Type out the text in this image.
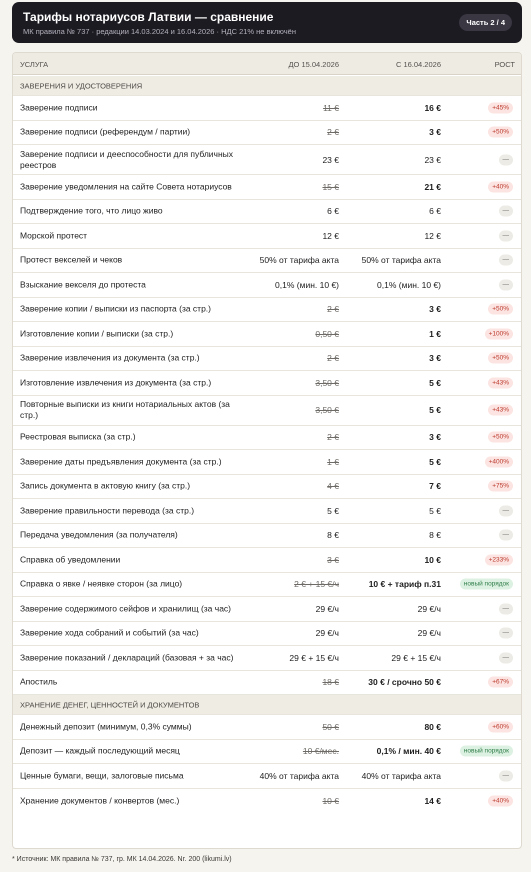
Тарифы нотариусов Латвии — сравнение
МК правила № 737 · редакции 14.03.2024 и 16.04.2026 · НДС 21% не включён
Часть 2 / 4
УСЛУГА	ДО 15.04.2026	С 16.04.2026	РОСТ
ЗАВЕРЕНИЯ И УДОСТОВЕРЕНИЯ
Заверение подписи	11 €	16 €	+45%
Заверение подписи (референдум / партии)	2 €	3 €	+50%
Заверение подписи и дееспособности для публичных реестров	23 €	23 €	—
Заверение уведомления на сайте Совета нотариусов	15 €	21 €	+40%
Подтверждение того, что лицо живо	6 €	6 €	—
Морской протест	12 €	12 €	—
Протест векселей и чеков	50% от тарифа акта	50% от тарифа акта	—
Взыскание векселя до протеста	0,1% (мин. 10 €)	0,1% (мин. 10 €)	—
Заверение копии / выписки из паспорта (за стр.)	2 €	3 €	+50%
Изготовление копии / выписки (за стр.)	0,50 €	1 €	+100%
Заверение извлечения из документа (за стр.)	2 €	3 €	+50%
Изготовление извлечения из документа (за стр.)	3,50 €	5 €	+43%
Повторные выписки из книги нотариальных актов (за стр.)	3,50 €	5 €	+43%
Реестровая выписка (за стр.)	2 €	3 €	+50%
Заверение даты предъявления документа (за стр.)	1 €	5 €	+400%
Запись документа в актовую книгу (за стр.)	4 €	7 €	+75%
Заверение правильности перевода (за стр.)	5 €	5 €	—
Передача уведомления (за получателя)	8 €	8 €	—
Справка об уведомлении	3 €	10 €	+233%
Справка о явке / неявке сторон (за лицо)	2 € + 15 €/ч	10 € + тариф п.31	новый порядок
Заверение содержимого сейфов и хранилищ (за час)	29 €/ч	29 €/ч	—
Заверение хода собраний и событий (за час)	29 €/ч	29 €/ч	—
Заверение показаний / деклараций (базовая + за час)	29 € + 15 €/ч	29 € + 15 €/ч	—
Апостиль	18 €	30 € / срочно 50 €	+67%
ХРАНЕНИЕ ДЕНЕГ, ЦЕННОСТЕЙ И ДОКУМЕНТОВ
Денежный депозит (минимум, 0,3% суммы)	50 €	80 €	+60%
Депозит — каждый последующий месяц	10 €/мес.	0,1% / мин. 40 €	новый порядок
Ценные бумаги, вещи, залоговые письма	40% от тарифа акта	40% от тарифа акта	—
Хранение документов / конвертов (мес.)	10 €	14 €	+40%
* Источник: МК правила № 737, гр. МК 14.04.2026. Nr. 200 (likumi.lv)
